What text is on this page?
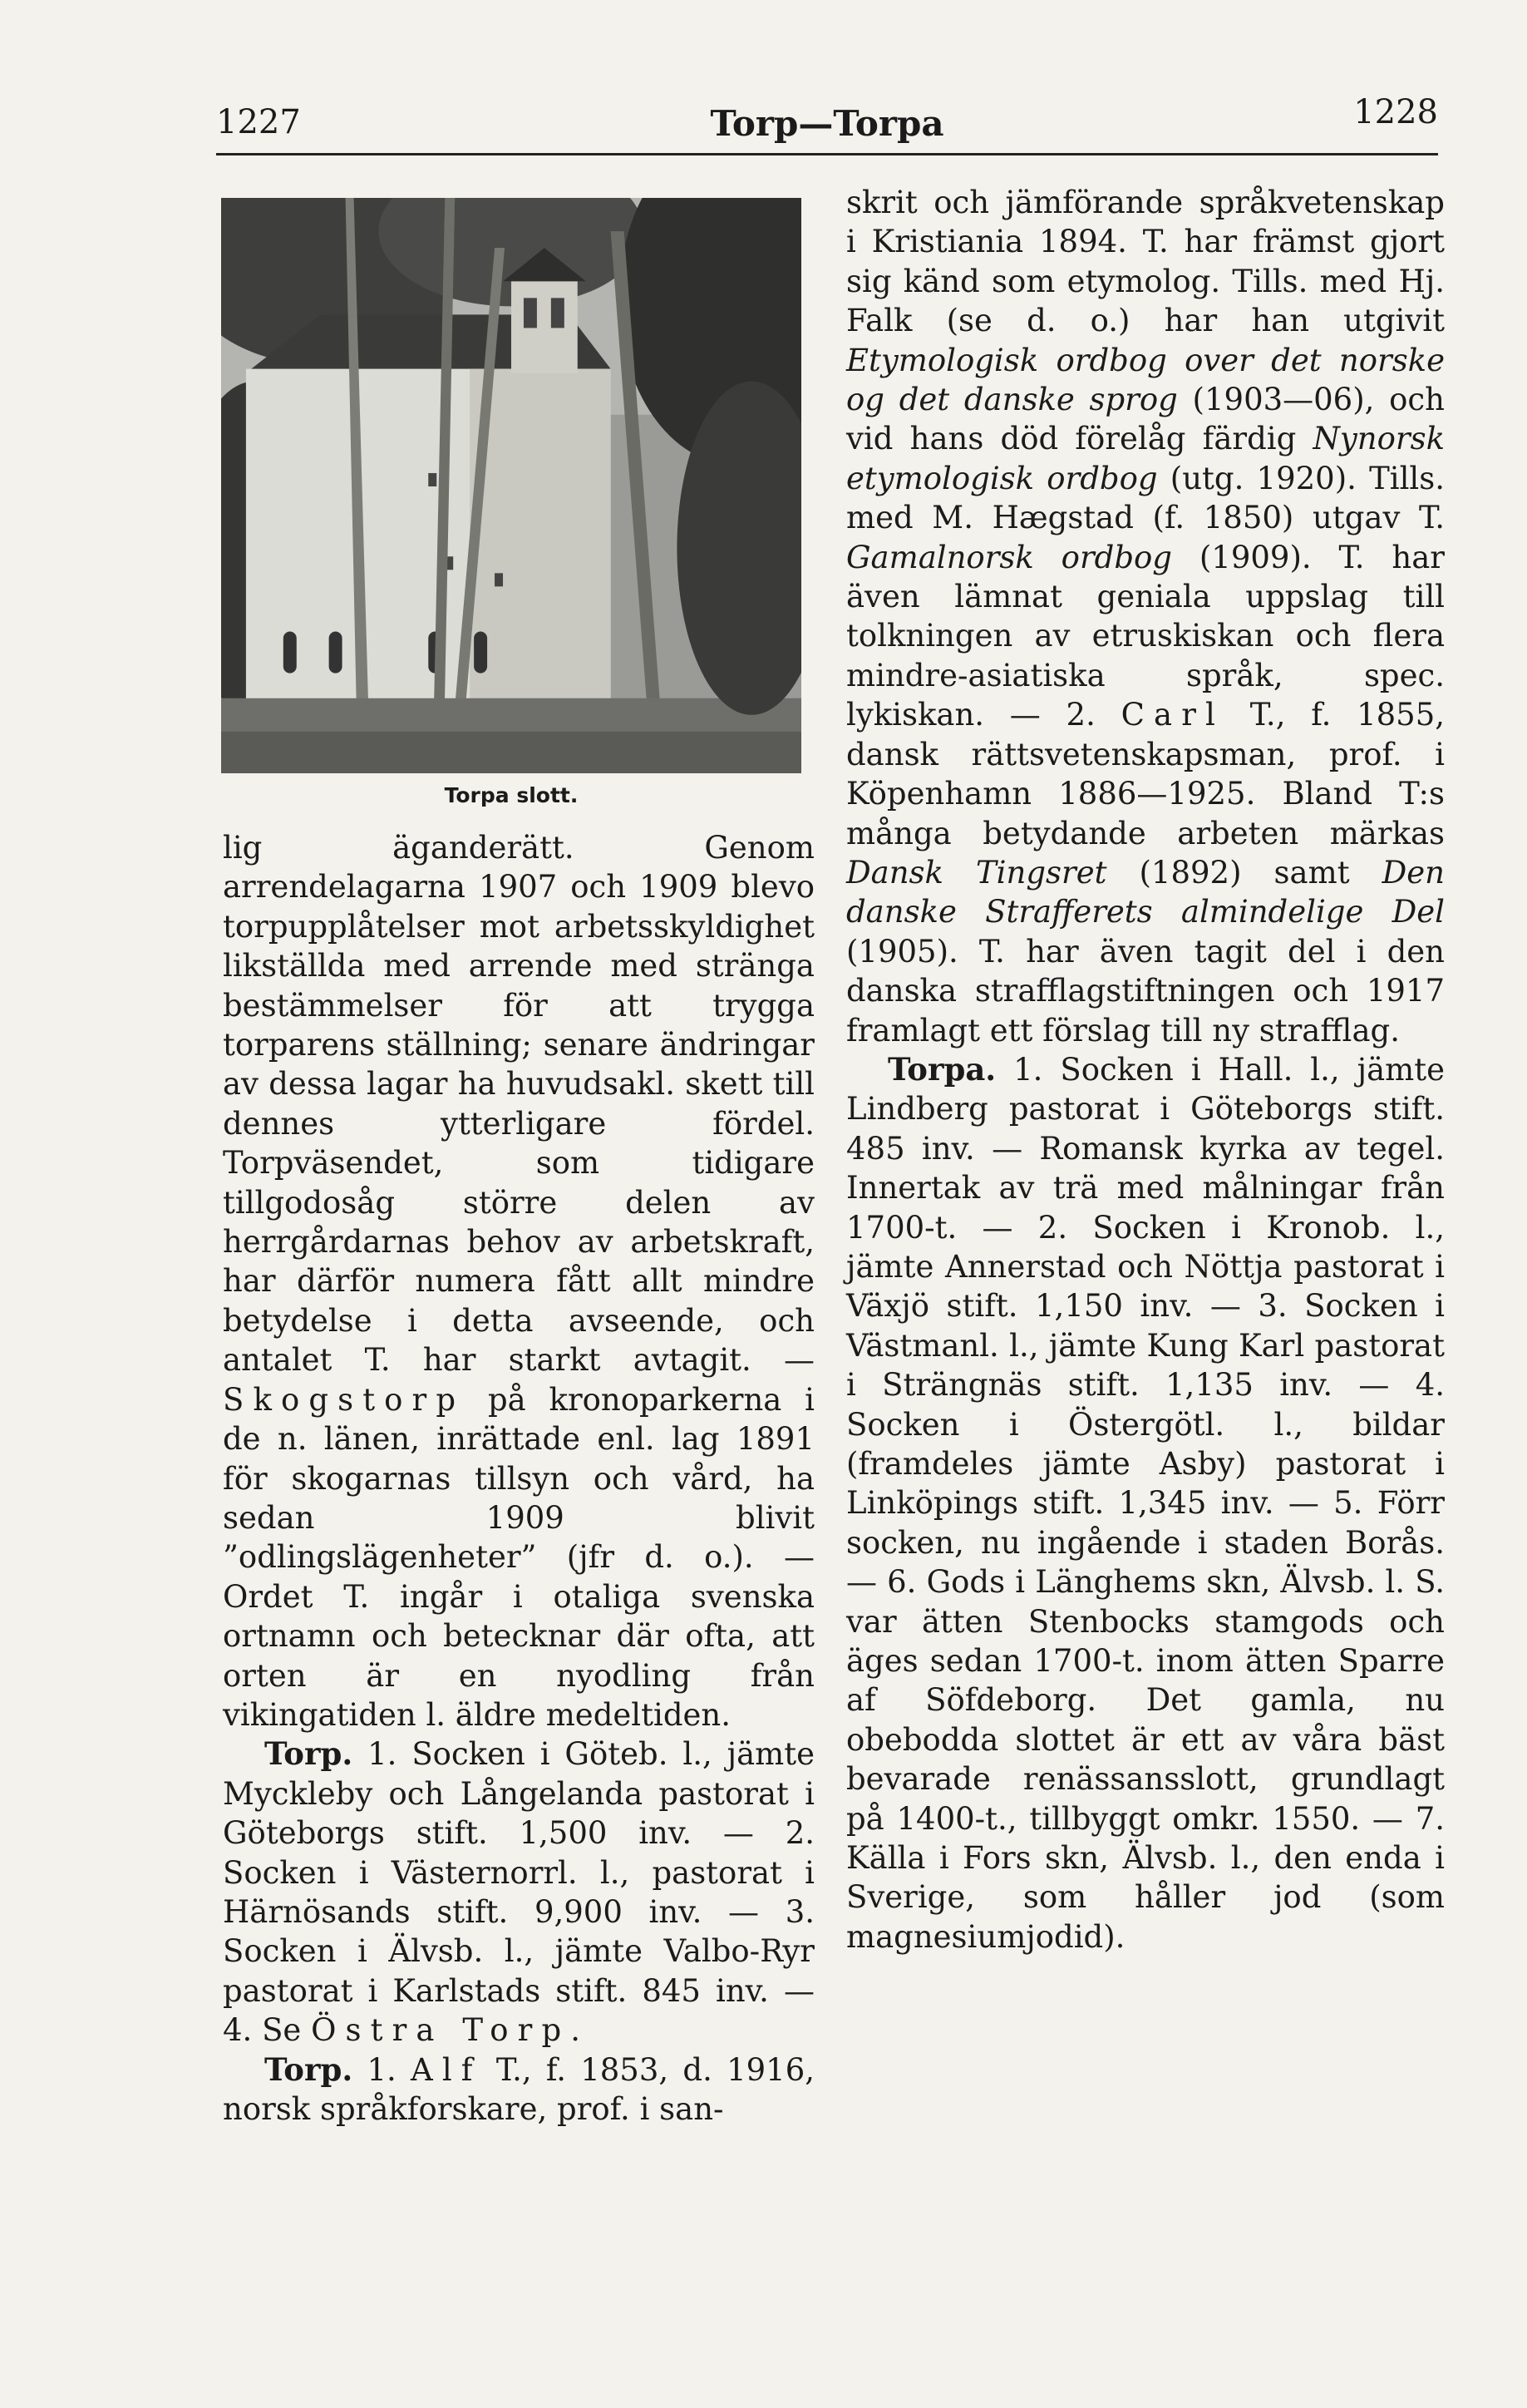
1227	Torp—Torpa	1228
Torpa slott.

lig äganderätt. Genom arrendelagarna 1907 och 1909 blevo torpupplåtelser mot arbetsskyldighet likställda med arrende med stränga bestämmelser för att trygga torparens ställning; senare ändringar av dessa lagar ha huvudsakl. skett till dennes ytterligare fördel. Torpväsendet, som tidigare tillgodosåg större delen av herrgårdarnas behov av arbetskraft, har därför numera fått allt mindre betydelse i detta avseende, och antalet T. har starkt avtagit. — Skogstorp på kronoparkerna i de n. länen, inrättade enl. lag 1891 för skogarnas tillsyn och vård, ha sedan 1909 blivit ”odlingslägenheter” (jfr d. o.). — Ordet T. ingår i otaliga svenska ortnamn och betecknar där ofta, att orten är en nyodling från vikingatiden l. äldre medeltiden.

Torp. 1. Socken i Göteb. l., jämte Myckleby och Långelanda pastorat i Göteborgs stift. 1,500 inv. — 2. Socken i Västernorrl. l., pastorat i Härnösands stift. 9,900 inv. — 3. Socken i Älvsb. l., jämte Valbo-Ryr pastorat i Karlstads stift. 845 inv. — 4. Se Östra Torp.

Torp. 1. Alf T., f. 1853, d. 1916, norsk språkforskare, prof. i san-

skrit och jämförande språkvetenskap i Kristiania 1894. T. har främst gjort sig känd som etymolog. Tills. med Hj. Falk (se d. o.) har han utgivit Etymologisk ordbog over det norske og det danske sprog (1903—06), och vid hans död förelåg färdig Nynorsk etymologisk ordbog (utg. 1920). Tills. med M. Hægstad (f. 1850) utgav T. Gamalnorsk ordbog (1909). T. har även lämnat geniala uppslag till tolkningen av etruskiskan och flera mindre-asiatiska språk, spec. lykiskan. — 2. Carl T., f. 1855, dansk rättsvetenskapsman, prof. i Köpenhamn 1886—1925. Bland T:s många betydande arbeten märkas Dansk Tingsret (1892) samt Den danske Strafferets almindelige Del (1905). T. har även tagit del i den danska strafflagstiftningen och 1917 framlagt ett förslag till ny strafflag.

Torpa. 1. Socken i Hall. l., jämte Lindberg pastorat i Göteborgs stift. 485 inv. — Romansk kyrka av tegel. Innertak av trä med målningar från 1700-t. — 2. Socken i Kronob. l., jämte Annerstad och Nöttja pastorat i Växjö stift. 1,150 inv. — 3. Socken i Västmanl. l., jämte Kung Karl pastorat i Strängnäs stift. 1,135 inv. — 4. Socken i Östergötl. l., bildar (framdeles jämte Asby) pastorat i Linköpings stift. 1,345 inv. — 5. Förr socken, nu ingående i staden Borås. — 6. Gods i Länghems skn, Älvsb. l. S. var ätten Stenbocks stamgods och äges sedan 1700-t. inom ätten Sparre af Söfdeborg. Det gamla, nu obebodda slottet är ett av våra bäst bevarade renässansslott, grundlagt på 1400-t., tillbyggt omkr. 1550. — 7. Källa i Fors skn, Älvsb. l., den enda i Sverige, som håller jod (som magnesiumjodid).
